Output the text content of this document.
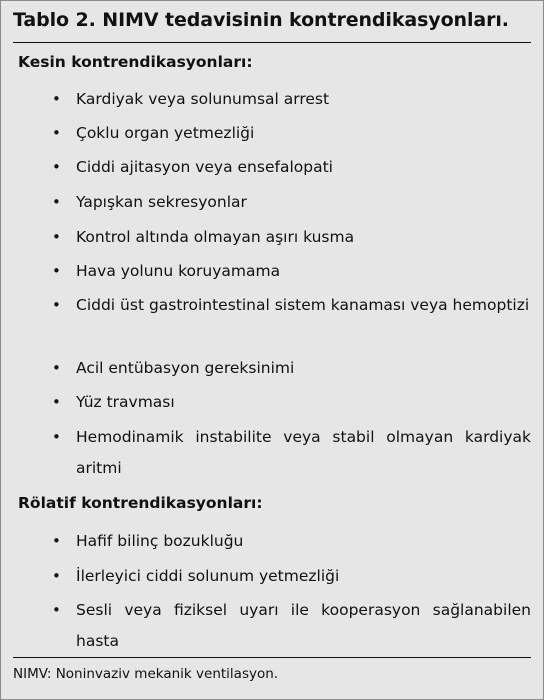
Tablo 2. NIMV tedavisinin kontrendikasyonları.
Kesin kontrendikasyonları:
• Kardiyak veya solunumsal arrest
• Çoklu organ yetmezliği
• Ciddi ajitasyon veya ensefalopati
• Yapışkan sekresyonlar
• Kontrol altında olmayan aşırı kusma
• Hava yolunu koruyamama
• Ciddi üst gastrointestinal sistem kanaması veya hemoptizi
• Acil entübasyon gereksinimi
• Yüz travması
• Hemodinamik instabilite veya stabil olmayan kardiyak aritmi
Rölatif kontrendikasyonları:
• Hafif bilinç bozukluğu
• İlerleyici ciddi solunum yetmezliği
• Sesli veya fiziksel uyarı ile kooperasyon sağlanabilen hasta
NIMV: Noninvaziv mekanik ventilasyon.
